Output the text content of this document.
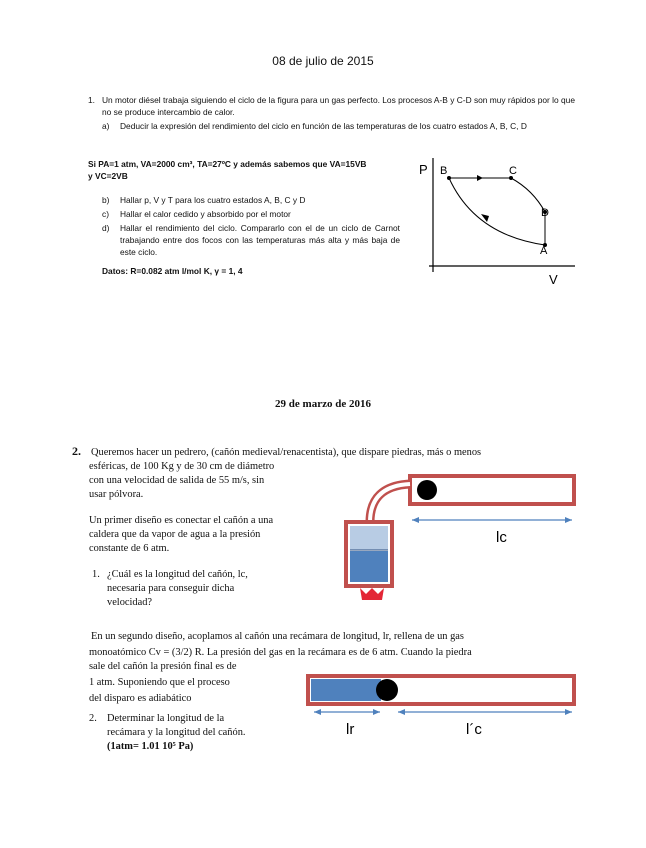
08 de julio de 2015
1. Un motor diésel trabaja siguiendo el ciclo de la figura para un gas perfecto. Los procesos A-B y C-D son muy rápidos por lo que no se produce intercambio de calor.
a) Deducir la expresión del rendimiento del ciclo en función de las temperaturas de los cuatro estados A, B, C, D
Si PA=1 atm, VA=2000 cm³, TA=27ºC y además sabemos que VA=15VB
y VC=2VB
b) Hallar p, V y T para los cuatro estados A, B, C y D
c) Hallar el calor cedido y absorbido por el motor
d) Hallar el rendimiento del ciclo. Compararlo con el de un ciclo de Carnot trabajando entre dos focos con las temperaturas más alta y más baja de este ciclo.
Datos: R=0.082 atm l/mol K, γ = 1, 4
P
V
B	C
D
A
29 de marzo de 2016
2. Queremos hacer un pedrero, (cañón medieval/renacentista), que dispare piedras, más o menos
esféricas, de 100 Kg y de 30 cm de diámetro
con una velocidad de salida de 55 m/s, sin
usar pólvora.
Un primer diseño es conectar el cañón a una
caldera que da vapor de agua a la presión
constante de 6 atm.
1. ¿Cuál es la longitud del cañón, lc,
necesaria para conseguir dicha
velocidad?
En un segundo diseño, acoplamos al cañón una recámara de longitud, lr, rellena de un gas
monoatómico Cv = (3/2) R. La presión del gas en la recámara es de 6 atm. Cuando la piedra
sale del cañón la presión final es de
1 atm. Suponiendo que el proceso
del disparo es adiabático
2. Determinar la longitud de la
recámara y la longitud del cañón.
(1atm= 1.01 10⁵ Pa)
lc
lr	l´c
